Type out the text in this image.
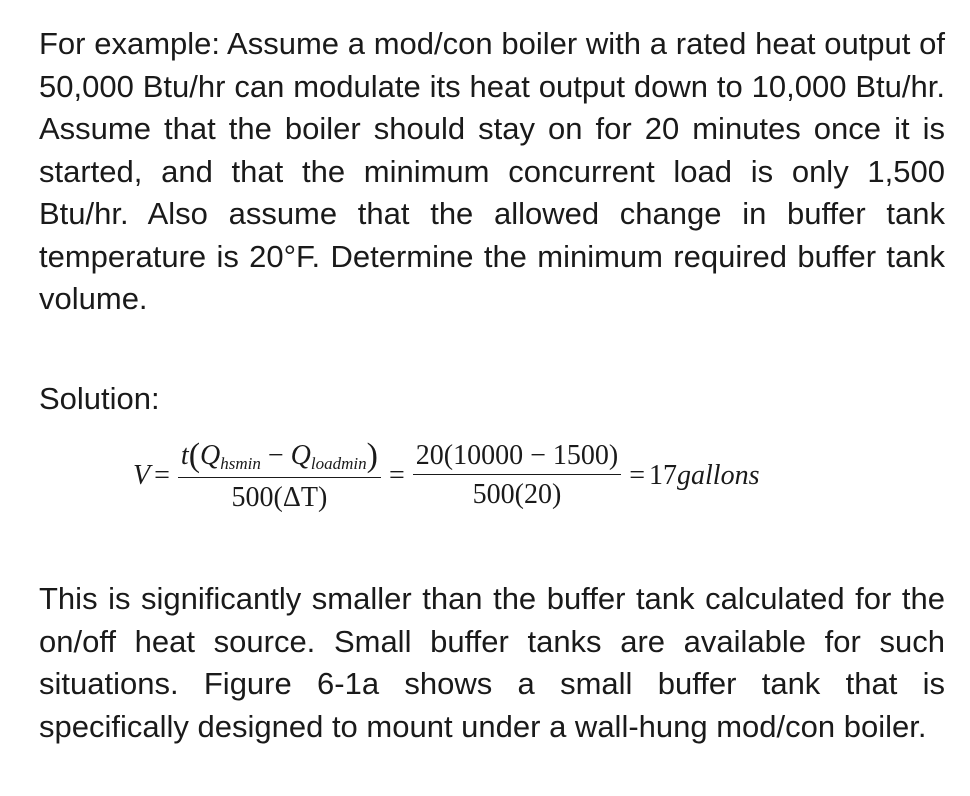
For example: Assume a mod/con boiler with a rated heat output of 50,000 Btu/hr can modulate its heat output down to 10,000 Btu/hr. Assume that the boiler should stay on for 20 minutes once it is started, and that the minimum concurrent load is only 1,500 Btu/hr. Also assume that the allowed change in buffer tank temperature is 20°F. Determine the minimum required buffer tank volume.

Solution:

$V = \frac{t(Q_{hsmin} - Q_{loadmin})}{500(\Delta T)} = \frac{20(10000 - 1500)}{500(20)} = 17$ gallons

This is significantly smaller than the buffer tank calculated for the on/off heat source. Small buffer tanks are available for such situations. Figure 6-1a shows a small buffer tank that is specifically designed to mount under a wall-hung mod/con boiler.
